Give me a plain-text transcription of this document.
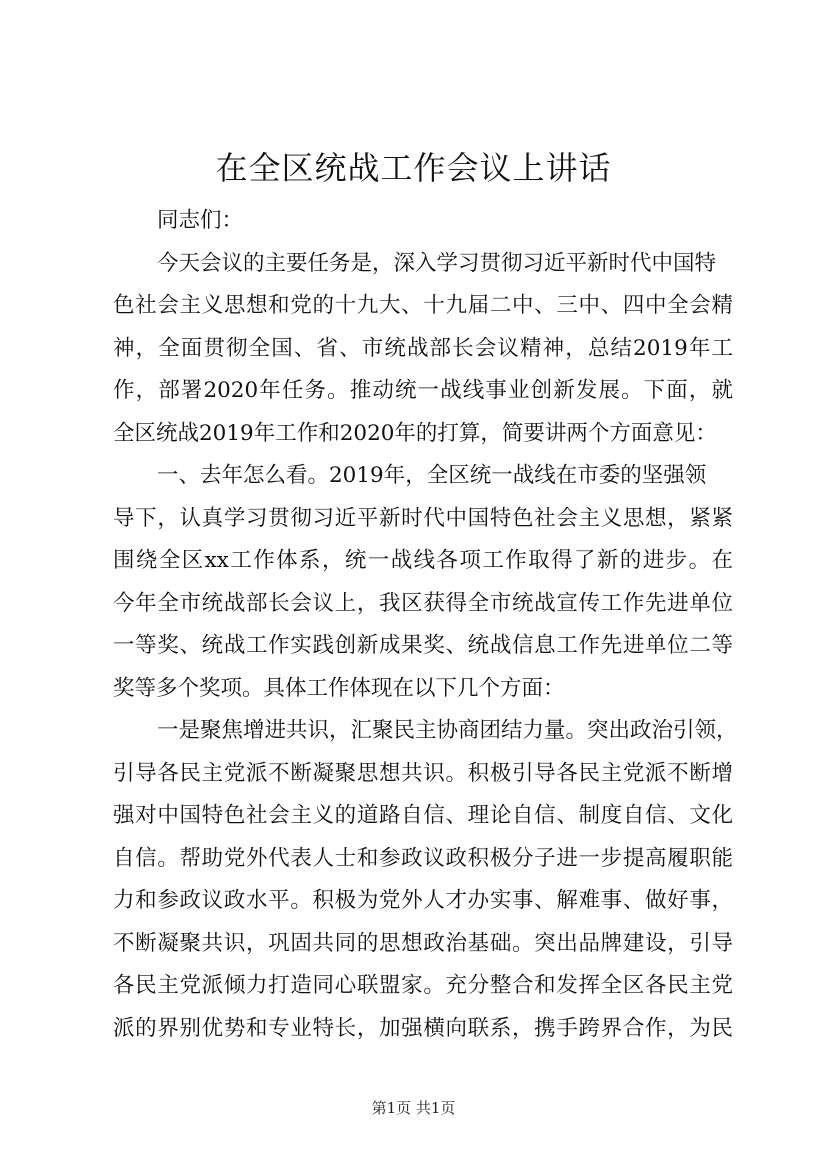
在全区统战工作会议上讲话
同志们：
今天会议的主要任务是，深入学习贯彻习近平新时代中国特
色社会主义思想和党的十九大、十九届二中、三中、四中全会精
神，全面贯彻全国、省、市统战部长会议精神，总结2019年工
作，部署2020年任务。推动统一战线事业创新发展。下面，就
全区统战2019年工作和2020年的打算，简要讲两个方面意见：
一、去年怎么看。2019年，全区统一战线在市委的坚强领
导下，认真学习贯彻习近平新时代中国特色社会主义思想，紧紧
围绕全区xx工作体系，统一战线各项工作取得了新的进步。在
今年全市统战部长会议上，我区获得全市统战宣传工作先进单位
一等奖、统战工作实践创新成果奖、统战信息工作先进单位二等
奖等多个奖项。具体工作体现在以下几个方面：
一是聚焦增进共识，汇聚民主协商团结力量。突出政治引领，
引导各民主党派不断凝聚思想共识。积极引导各民主党派不断增
强对中国特色社会主义的道路自信、理论自信、制度自信、文化
自信。帮助党外代表人士和参政议政积极分子进一步提高履职能
力和参政议政水平。积极为党外人才办实事、解难事、做好事，
不断凝聚共识，巩固共同的思想政治基础。突出品牌建设，引导
各民主党派倾力打造同心联盟家。充分整合和发挥全区各民主党
派的界别优势和专业特长，加强横向联系，携手跨界合作，为民
第1页 共1页
